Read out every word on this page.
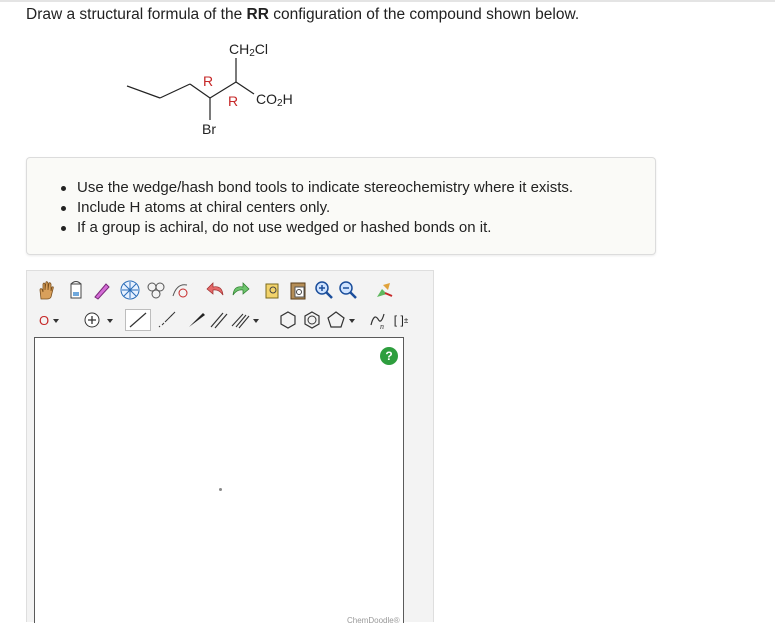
Draw a structural formula of the RR configuration of the compound shown below.
$CH_2Cl$
R
R $CO_2H$
Br
Use the wedge/hash bond tools to indicate stereochemistry where it exists.
Include H atoms at chiral centers only.
If a group is achiral, do not use wedged or hashed bonds on it.
O	n [ ] ±
?
ChemDoodle®
